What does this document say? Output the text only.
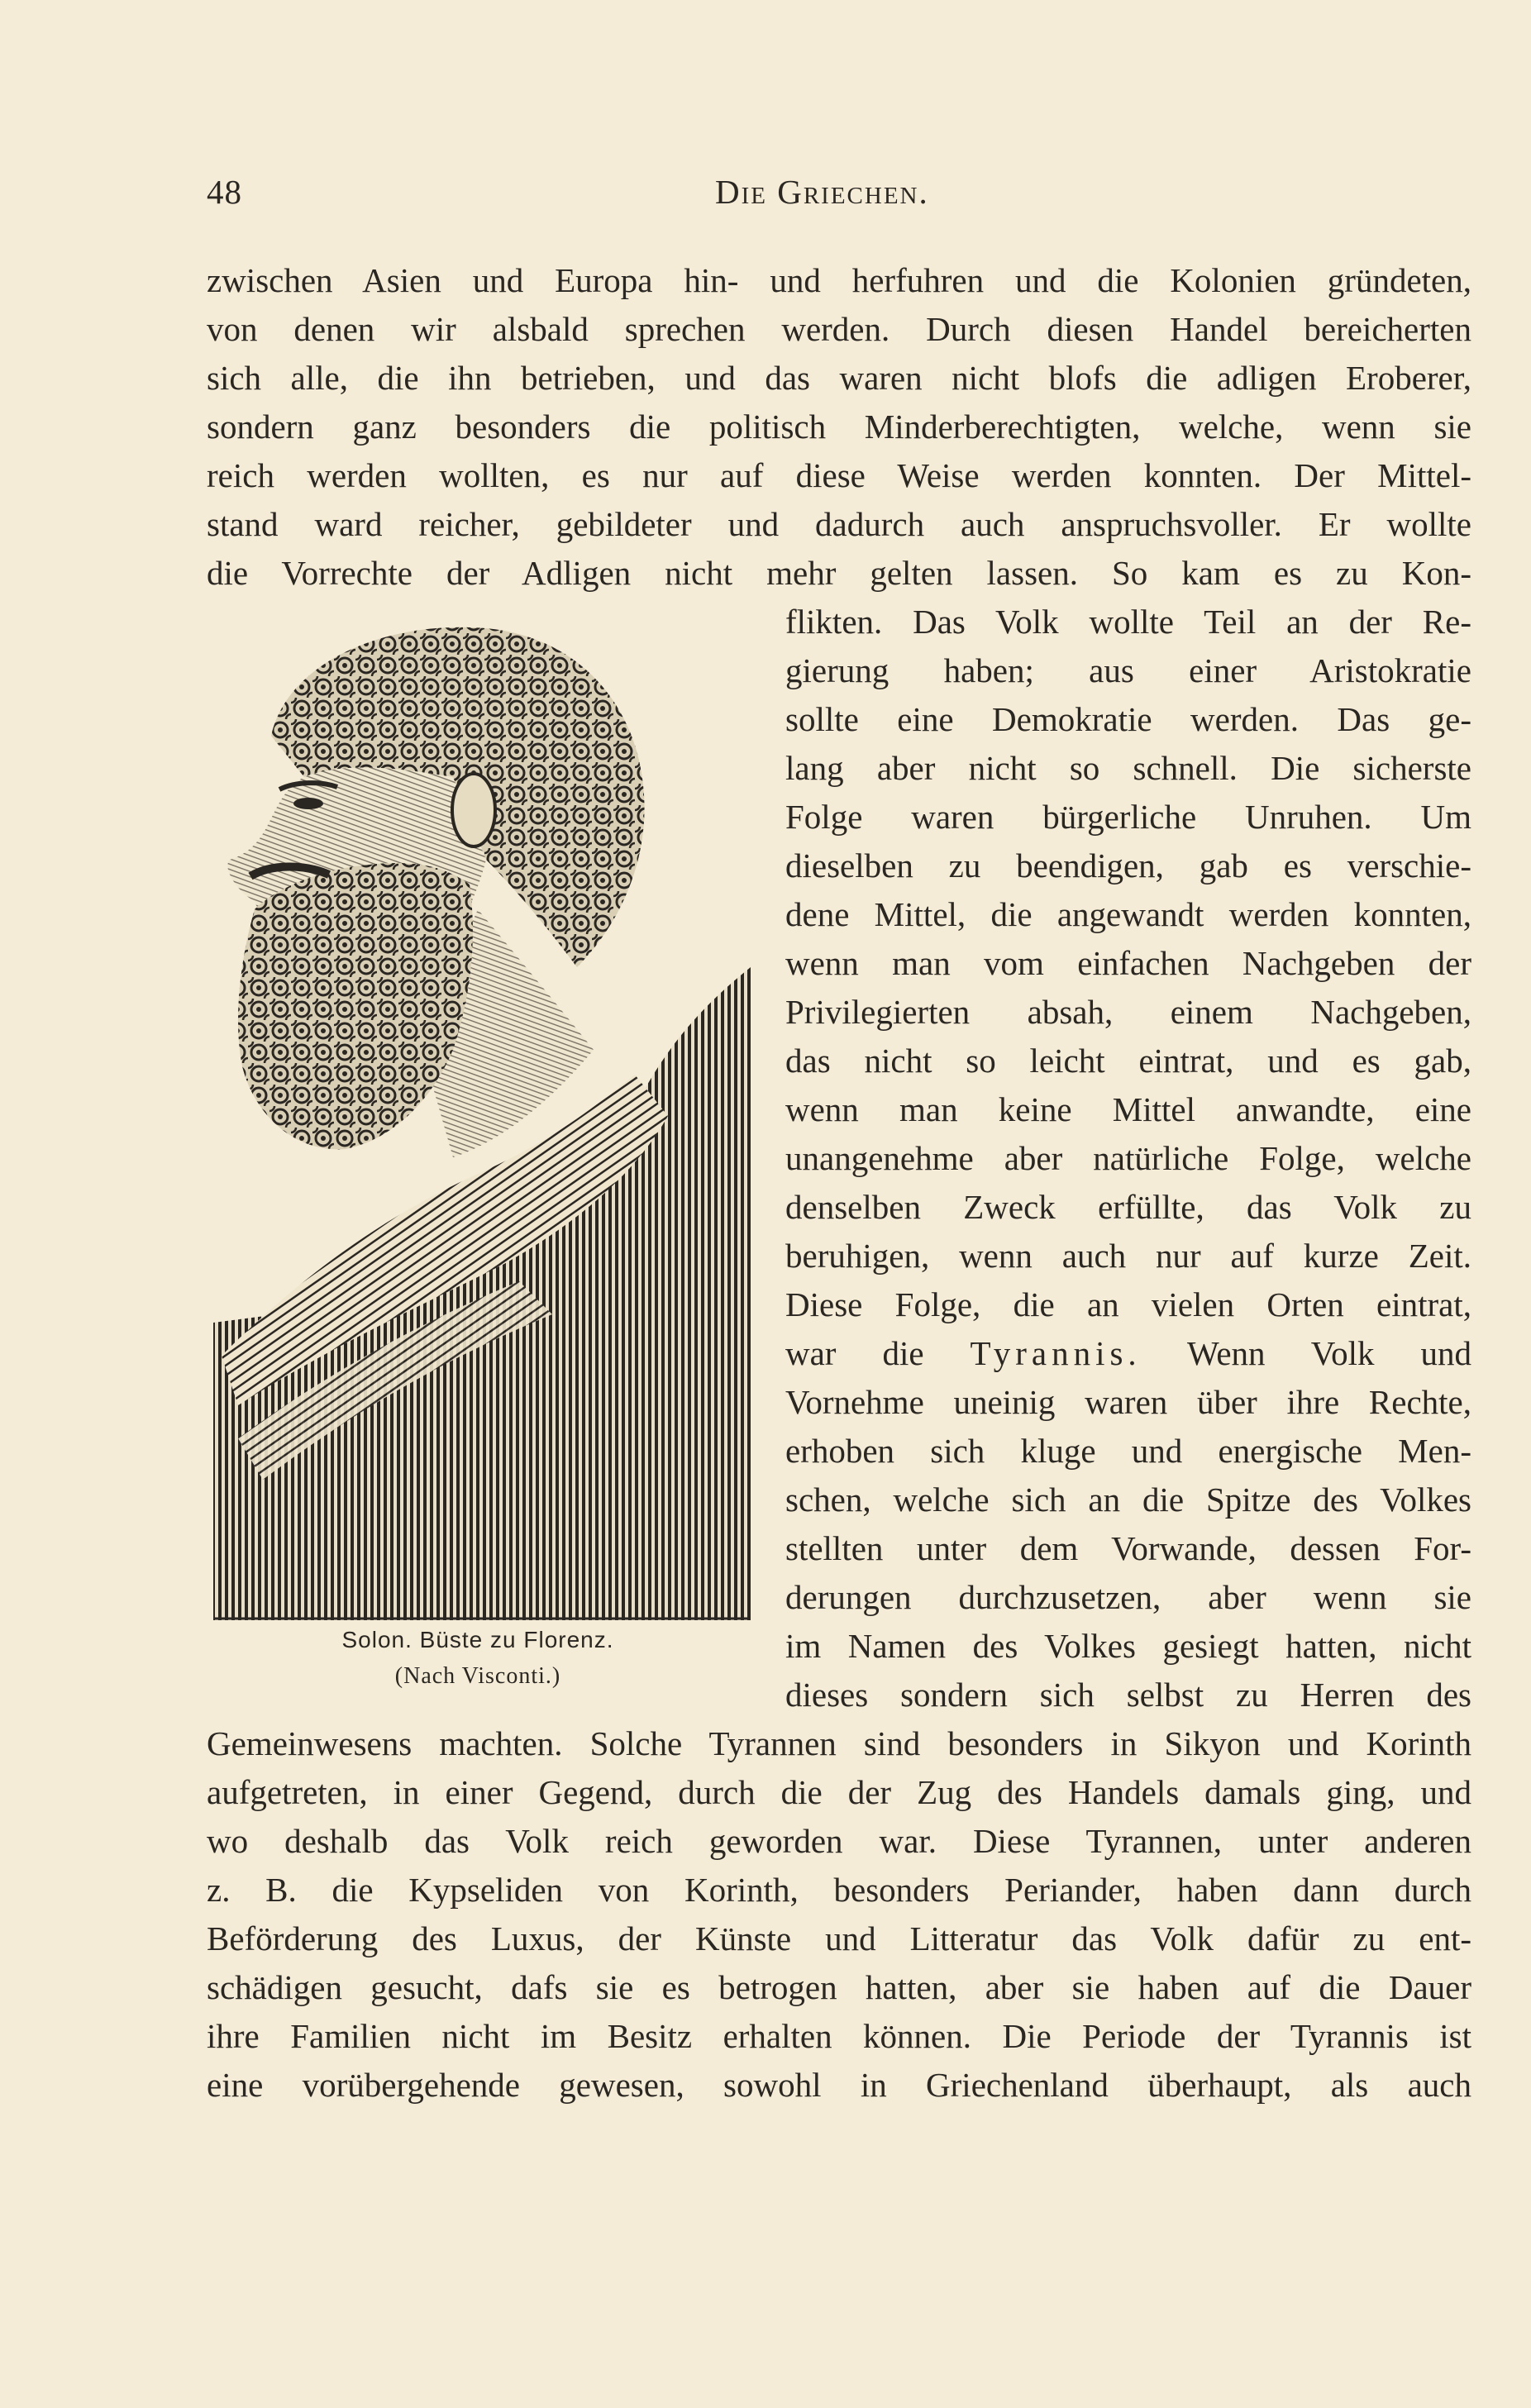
48	Die Griechen.
zwischen Asien und Europa hin- und herfuhren und die Kolonien gründeten,
von denen wir alsbald sprechen werden. Durch diesen Handel bereicherten
sich alle, die ihn betrieben, und das waren nicht blofs die adligen Eroberer,
sondern ganz besonders die politisch Minderberechtigten, welche, wenn sie
reich werden wollten, es nur auf diese Weise werden konnten. Der Mittel-
stand ward reicher, gebildeter und dadurch auch anspruchsvoller. Er wollte
die Vorrechte der Adligen nicht mehr gelten lassen. So kam es zu Kon-
flikten. Das Volk wollte Teil an der Re-
gierung haben; aus einer Aristokratie
sollte eine Demokratie werden. Das ge-
lang aber nicht so schnell. Die sicherste
Folge waren bürgerliche Unruhen. Um
dieselben zu beendigen, gab es verschie-
dene Mittel, die angewandt werden konnten,
wenn man vom einfachen Nachgeben der
Privilegierten absah, einem Nachgeben,
das nicht so leicht eintrat, und es gab,
wenn man keine Mittel anwandte, eine
unangenehme aber natürliche Folge, welche
denselben Zweck erfüllte, das Volk zu
beruhigen, wenn auch nur auf kurze Zeit.
Diese Folge, die an vielen Orten eintrat,
war die Tyrannis. Wenn Volk und
Vornehme uneinig waren über ihre Rechte,
erhoben sich kluge und energische Men-
schen, welche sich an die Spitze des Volkes
stellten unter dem Vorwande, dessen For-
derungen durchzusetzen, aber wenn sie
im Namen des Volkes gesiegt hatten, nicht
dieses sondern sich selbst zu Herren des
Gemeinwesens machten. Solche Tyrannen sind besonders in Sikyon und Korinth
aufgetreten, in einer Gegend, durch die der Zug des Handels damals ging, und
wo deshalb das Volk reich geworden war. Diese Tyrannen, unter anderen
z. B. die Kypseliden von Korinth, besonders Periander, haben dann durch
Beförderung des Luxus, der Künste und Litteratur das Volk dafür zu ent-
schädigen gesucht, dafs sie es betrogen hatten, aber sie haben auf die Dauer
ihre Familien nicht im Besitz erhalten können. Die Periode der Tyrannis ist
eine vorübergehende gewesen, sowohl in Griechenland überhaupt, als auch
Solon. Büste zu Florenz.
(Nach Visconti.)
